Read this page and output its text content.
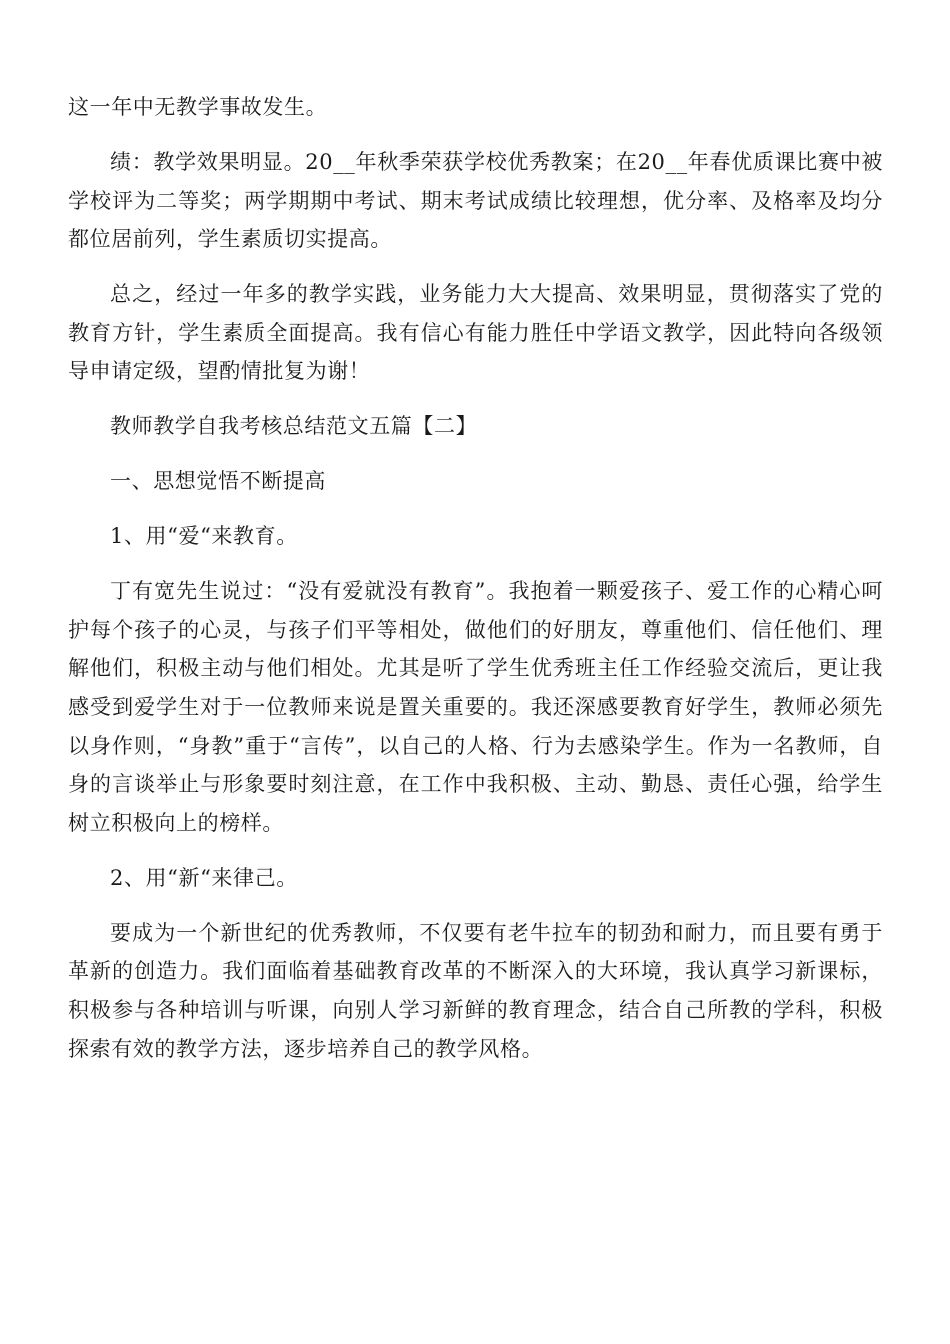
这一年中无教学事故发生。

绩：教学效果明显。20__年秋季荣获学校优秀教案；在20__年春优质课比赛中被学校评为二等奖；两学期期中考试、期末考试成绩比较理想，优分率、及格率及均分都位居前列，学生素质切实提高。

总之，经过一年多的教学实践，业务能力大大提高、效果明显，贯彻落实了党的教育方针，学生素质全面提高。我有信心有能力胜任中学语文教学，因此特向各级领导申请定级，望酌情批复为谢！

教师教学自我考核总结范文五篇【二】

一、思想觉悟不断提高

1、用“爱“来教育。

丁有宽先生说过：“没有爱就没有教育”。我抱着一颗爱孩子、爱工作的心精心呵护每个孩子的心灵，与孩子们平等相处，做他们的好朋友，尊重他们、信任他们、理解他们，积极主动与他们相处。尤其是听了学生优秀班主任工作经验交流后，更让我感受到爱学生对于一位教师来说是置关重要的。我还深感要教育好学生，教师必须先以身作则，“身教”重于“言传”，以自己的人格、行为去感染学生。作为一名教师，自身的言谈举止与形象要时刻注意，在工作中我积极、主动、勤恳、责任心强，给学生树立积极向上的榜样。

2、用“新“来律己。

要成为一个新世纪的优秀教师，不仅要有老牛拉车的韧劲和耐力，而且要有勇于革新的创造力。我们面临着基础教育改革的不断深入的大环境，我认真学习新课标，积极参与各种培训与听课，向别人学习新鲜的教育理念，结合自己所教的学科，积极探索有效的教学方法，逐步培养自己的教学风格。
